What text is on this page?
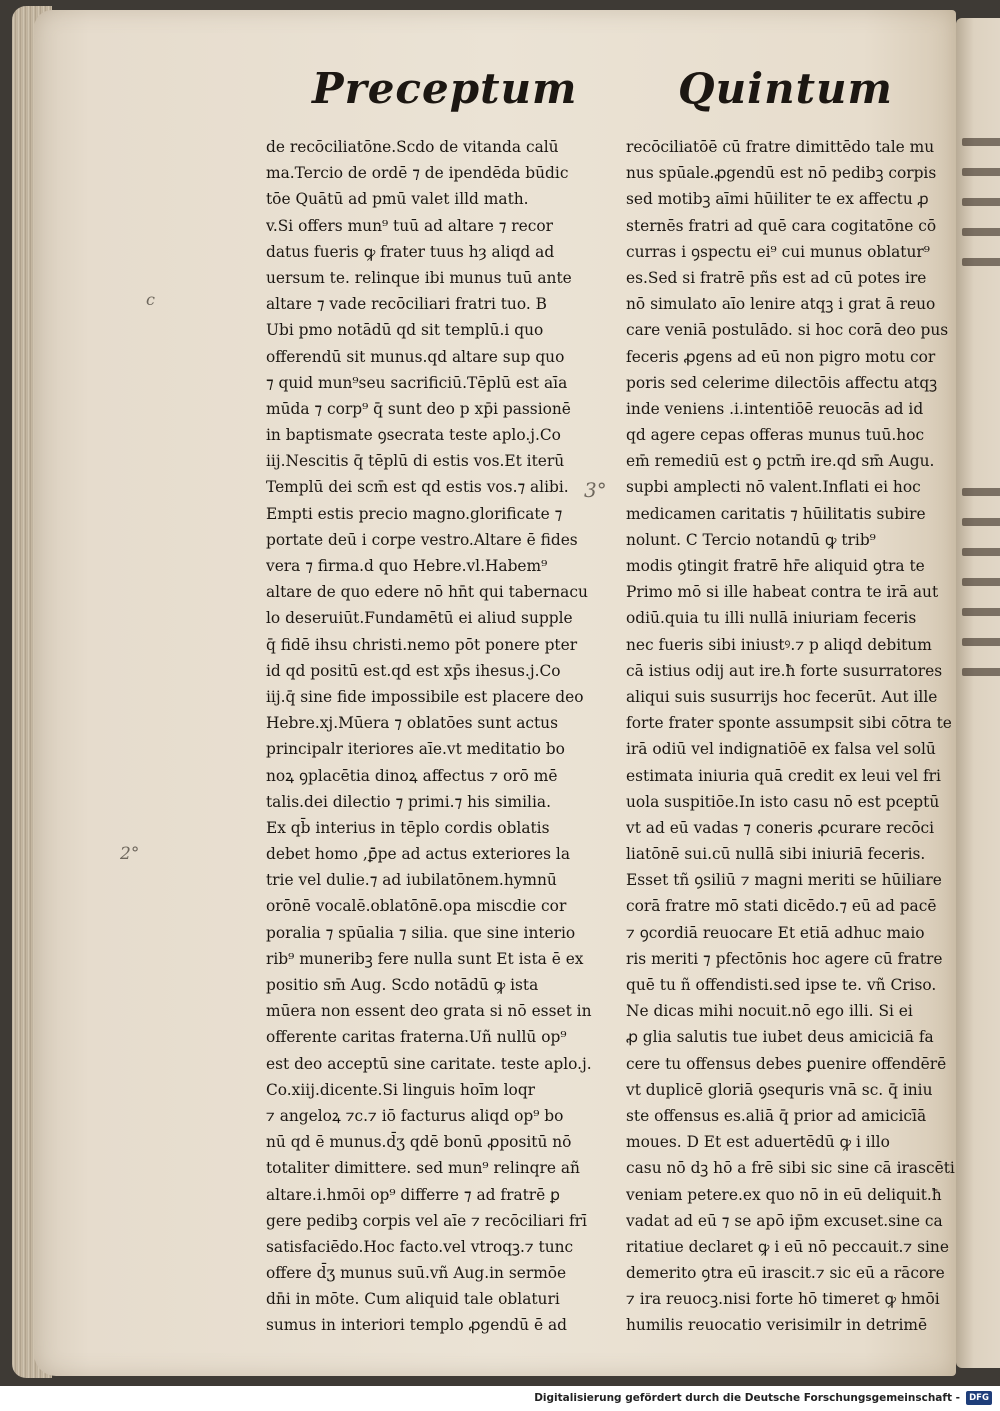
Preceptum Quintum
de recōciliatōne.Scdo de vitanda calū
ma.Tercio de ordē ⁊ de ipendēda būdic
tōe Quātū ad pmū valet illd math.
v.Si offers mun⁹ tuū ad altare ⁊ recor
datus fueris ꝙ frater tuus hȝ aliqd ad
uersum te. relinque ibi munus tuū ante
altare ⁊ vade recōciliari fratri tuo. B
Ubi pmo notādū qd sit templū.i quo
offerendū sit munus.qd altare sup quo
⁊ quid mun⁹seu sacrificiū.Tēplū est aīa
mūda ⁊ corp⁹ q̄ sunt deo p xp̄i passionē
in baptismate ꝯsecrata teste aplo.j.Co
iij.Nescitis q̄ tēplū di estis vos.Et iterū
Templū dei scm̄ est qd estis vos.⁊ alibi.
Empti estis precio magno.glorificate ⁊
portate deū i corpe vestro.Altare ē fides
vera ⁊ firma.d quo Hebre.vl.Habem⁹
altare de quo edere nō hn̄t qui tabernacu
lo deseruiūt.Fundamētū ei aliud supple
q̄ fidē ihsu christi.nemo pōt ponere pter
id qd positū est.qd est xp̄s ihesus.j.Co
iij.q̄ sine fide impossibile est placere deo
Hebre.xj.Mūera ⁊ oblatōes sunt actus
principalr iteriores aīe.vt meditatio bo
noꝝ ꝯplacētia dinoꝝ affectus ⁊ orō mē
talis.dei dilectio ⁊ primi.⁊ his similia.
Ex qb̄ interius in tēplo cordis oblatis
debet homo ,ꝑ̄pe ad actus exteriores la
trie vel dulie.⁊ ad iubilatōnem.hymnū
orōnē vocalē.oblatōnē.opa miscdie cor
poralia ⁊ spūalia ⁊ silia. que sine interio
rib⁹ muneribꝫ fere nulla sunt Et ista ē ex
positio sm̄ Aug. Scdo notādū ꝙ ista
mūera non essent deo grata si nō esset in
offerente caritas fraterna.Uñ nullū op⁹
est deo acceptū sine caritate. teste aplo.j.
Co.xiij.dicente.Si linguis hoīm loqr
⁊ angeloꝝ ⁊c.⁊ iō facturus aliqd op⁹ bo
nū qd ē munus.d̄ʒ qdē bonū ꝓpositū nō
totaliter dimittere. sed mun⁹ relinqre añ
altare.i.hmōi op⁹ differre ⁊ ad fratrē ꝑ
gere pedibꝫ corpis vel aīe ⁊ recōciliari frī
satisfaciēdo.Hoc facto.vel vtroqꝫ.⁊ tunc
offere d̄ʒ munus suū.vñ Aug.in sermōe
dn̄i in mōte. Cum aliquid tale oblaturi
sumus in interiori templo ꝓgendū ē ad
recōciliatōē cū fratre dimittēdo tale mu
nus spūale.ꝓgendū est nō pedibꝫ corpis
sed motibꝫ aīmi hūiliter te ex affectu ꝓ
sternēs fratri ad quē cara cogitatōne cō
curras i ꝯspectu ei⁹ cui munus oblatur⁹
es.Sed si fratrē pñs est ad cū potes ire
nō simulato aīo lenire atqꝫ i grat ā reuo
care veniā postulādo. si hoc corā deo pus
feceris ꝓgens ad eū non pigro motu cor
poris sed celerime dilectōis affectu atqꝫ
inde veniens .i.intentiōē reuocās ad id
qd agere cepas offeras munus tuū.hoc
em̄ remediū est ꝯ pctm̄ ire.qd sm̄ Augu.
supbi amplecti nō valent.Inflati ei hoc
medicamen caritatis ⁊ hūilitatis subire
nolunt. C Tercio notandū ꝙ trib⁹
modis ꝯtingit fratrē hr̄e aliquid ꝯtra te
Primo mō si ille habeat contra te irā aut
odiū.quia tu illi nullā iniuriam feceris
nec fueris sibi iniustꝰ.⁊ p aliqd debitum
cā istius odij aut ire.ħ forte susurratores
aliqui suis susurrijs hoc fecerūt. Aut ille
forte frater sponte assumpsit sibi cōtra te
irā odiū vel indignatiōē ex falsa vel solū
estimata iniuria quā credit ex leui vel fri
uola suspitiōe.In isto casu nō est pceptū
vt ad eū vadas ⁊ coneris ꝓcurare recōci
liatōnē sui.cū nullā sibi iniuriā feceris.
Esset tñ ꝯsiliū ⁊ magni meriti se hūiliare
corā fratre mō stati dicēdo.⁊ eū ad pacē
⁊ ꝯcordiā reuocare Et etiā adhuc maio
ris meriti ⁊ pfectōnis hoc agere cū fratre
quē tu ñ offendisti.sed ipse te. vñ Criso.
Ne dicas mihi nocuit.nō ego illi. Si ei
ꝓ glia salutis tue iubet deus amiciciā fa
cere tu offensus debes ꝑuenire offendērē
vt duplicē gloriā ꝯsequris vnā sc. q̄ iniu
ste offensus es.aliā q̄ prior ad amicicīā
moues. D Et est aduertēdū ꝙ i illo
casu nō dꝫ hō a frē sibi sic sine cā irascēti
veniam petere.ex quo nō in eū deliquit.ħ
vadat ad eū ⁊ se apō ip̄m excuset.sine ca
ritatiue declaret ꝙ i eū nō peccauit.⁊ sine
demerito ꝯtra eū irascit.⁊ sic eū a rācore
⁊ ira reuocꝫ.nisi forte hō timeret ꝙ hmōi
humilis reuocatio verisimilr in detrimē
c
3°
2°
Digitalisierung gefördert durch die Deutsche Forschungsgemeinschaft -	DFG
